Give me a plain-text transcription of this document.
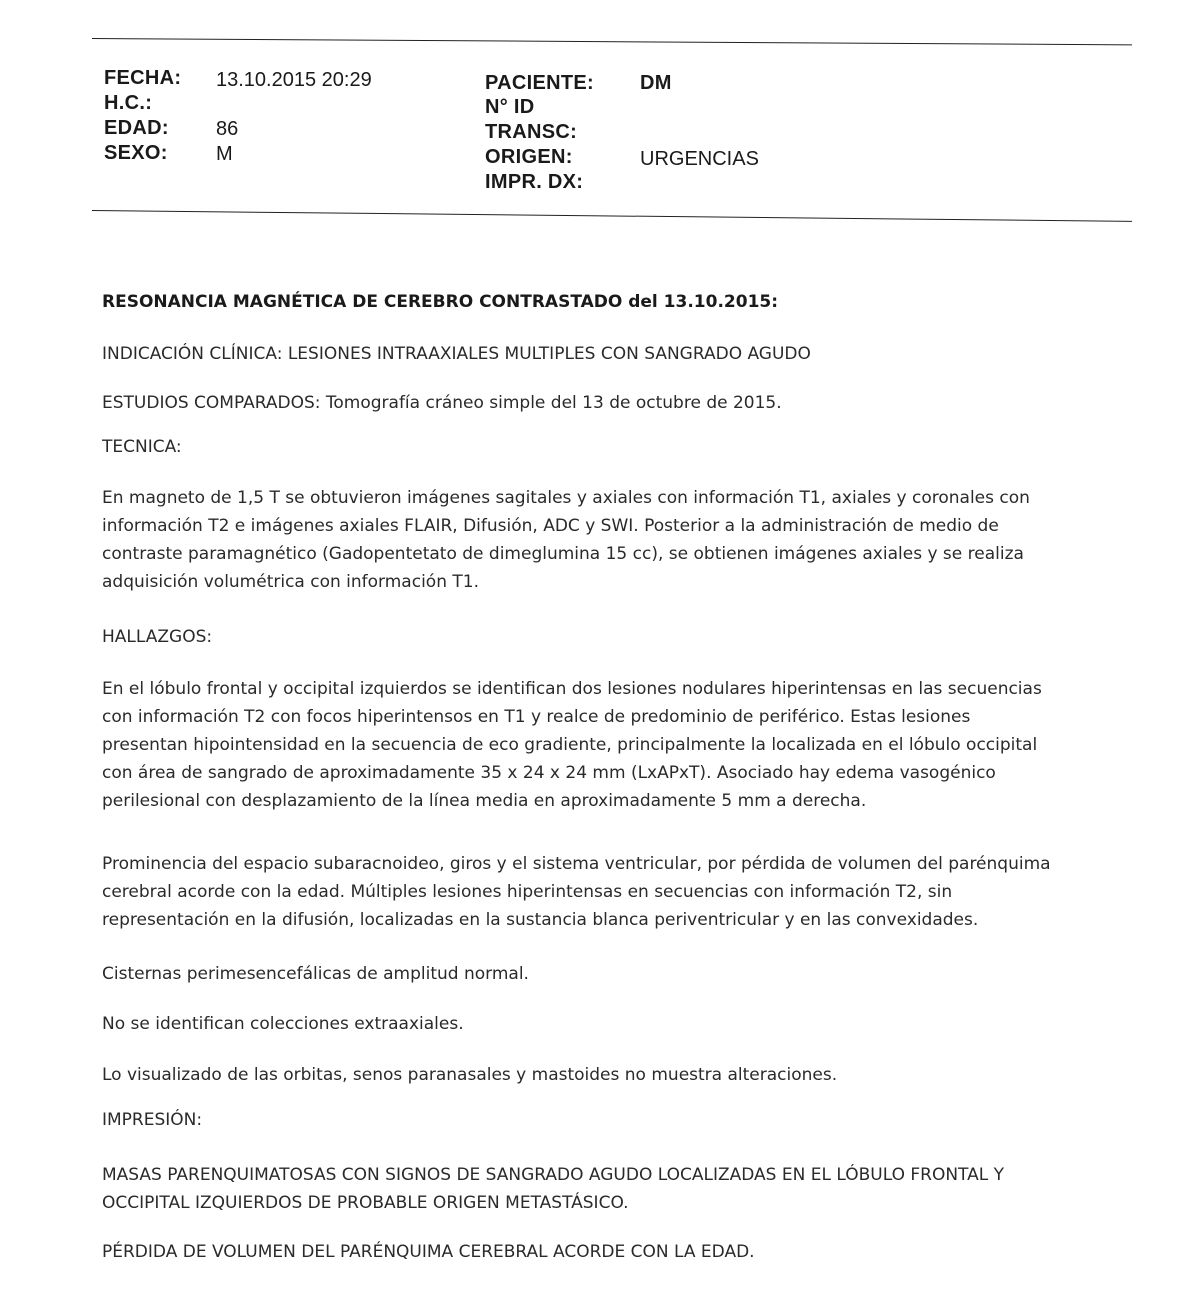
FECHA: 13.10.2015 20:29
H.C.:
EDAD: 86
SEXO: M
PACIENTE: DM
N° ID
TRANSC:
ORIGEN:	URGENCIAS
IMPR. DX:
RESONANCIA MAGNÉTICA DE CEREBRO CONTRASTADO del 13.10.2015:
INDICACIÓN CLÍNICA: LESIONES INTRAAXIALES MULTIPLES CON SANGRADO AGUDO
ESTUDIOS COMPARADOS: Tomografía cráneo simple del 13 de octubre de 2015.
TECNICA:
En magneto de 1,5 T se obtuvieron imágenes sagitales y axiales con información T1, axiales y coronales con
información T2 e imágenes axiales FLAIR, Difusión, ADC y SWI. Posterior a la administración de medio de
contraste paramagnético (Gadopentetato de dimeglumina 15 cc), se obtienen imágenes axiales y se realiza
adquisición volumétrica con información T1.
HALLAZGOS:
En el lóbulo frontal y occipital izquierdos se identifican dos lesiones nodulares hiperintensas en las secuencias
con información T2 con focos hiperintensos en T1 y realce de predominio de periférico. Estas lesiones
presentan hipointensidad en la secuencia de eco gradiente, principalmente la localizada en el lóbulo occipital
con área de sangrado de aproximadamente 35 x 24 x 24 mm (LxAPxT). Asociado hay edema vasogénico
perilesional con desplazamiento de la línea media en aproximadamente 5 mm a derecha.
Prominencia del espacio subaracnoideo, giros y el sistema ventricular, por pérdida de volumen del parénquima
cerebral acorde con la edad. Múltiples lesiones hiperintensas en secuencias con información T2, sin
representación en la difusión, localizadas en la sustancia blanca periventricular y en las convexidades.
Cisternas perimesencefálicas de amplitud normal.
No se identifican colecciones extraaxiales.
Lo visualizado de las orbitas, senos paranasales y mastoides no muestra alteraciones.
IMPRESIÓN:
MASAS PARENQUIMATOSAS CON SIGNOS DE SANGRADO AGUDO LOCALIZADAS EN EL LÓBULO FRONTAL Y
OCCIPITAL IZQUIERDOS DE PROBABLE ORIGEN METASTÁSICO.
PÉRDIDA DE VOLUMEN DEL PARÉNQUIMA CEREBRAL ACORDE CON LA EDAD.
